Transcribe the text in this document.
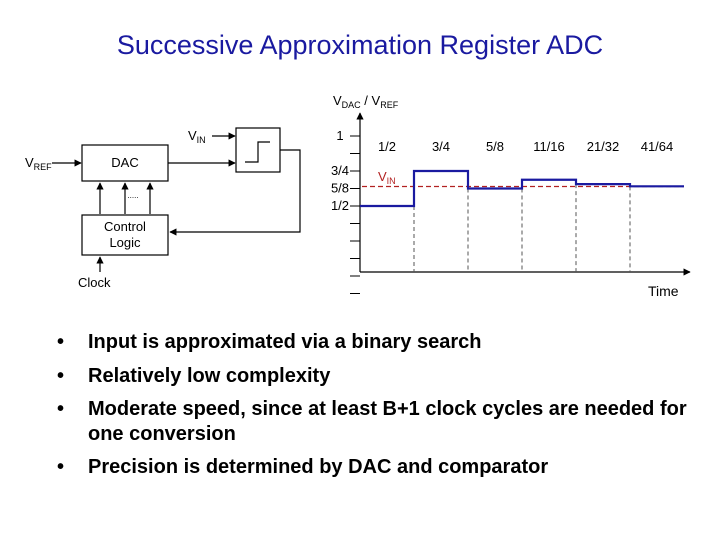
Successive Approximation Register ADC
DAC
Control
Logic
$V_{REF}$
$V_{IN}$
.....
Clock
$V_{DAC} / V_{REF}$
Time
1
3/4
5/8
1/2
1/2	3/4	5/8 11/16 21/32 41/64
$V_{IN}$
• Input is approximated via a binary search
• Relatively low complexity
• Moderate speed, since at least B+1 clock cycles are needed for one conversion
• Precision is determined by DAC and comparator
